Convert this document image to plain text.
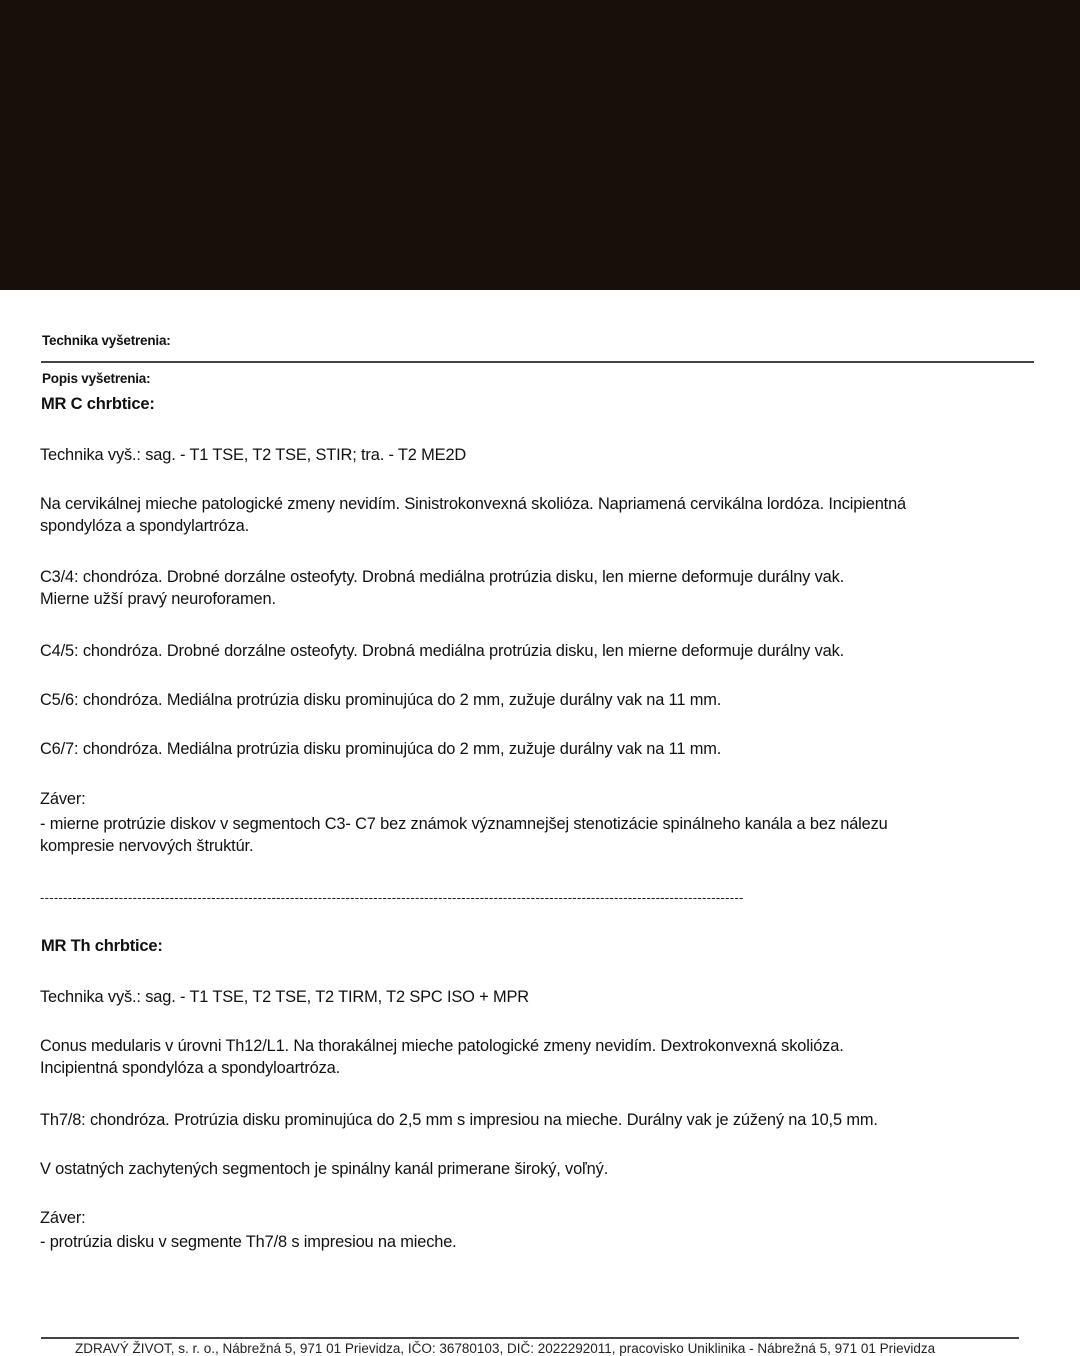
Technika vyšetrenia:
Popis vyšetrenia:
MR C chrbtice:
Technika vyš.: sag. - T1 TSE, T2 TSE, STIR; tra. - T2 ME2D
Na cervikálnej mieche patologické zmeny nevidím. Sinistrokonvexná skolióza. Napriamená cervikálna lordóza. Incipientná
spondylóza a spondylartróza.
C3/4: chondróza. Drobné dorzálne osteofyty. Drobná mediálna protrúzia disku, len mierne deformuje durálny vak.
Mierne užší pravý neuroforamen.
C4/5: chondróza. Drobné dorzálne osteofyty. Drobná mediálna protrúzia disku, len mierne deformuje durálny vak.
C5/6: chondróza. Mediálna protrúzia disku prominujúca do 2 mm, zužuje durálny vak na 11 mm.
C6/7: chondróza. Mediálna protrúzia disku prominujúca do 2 mm, zužuje durálny vak na 11 mm.
Záver:
- mierne protrúzie diskov v segmentoch C3- C7 bez známok významnejšej stenotizácie spinálneho kanála a bez nálezu
kompresie nervových štruktúr.
--------------------------------------------------------------------------------------------------------------------------------------------------------
MR Th chrbtice:
Technika vyš.: sag. - T1 TSE, T2 TSE, T2 TIRM, T2 SPC ISO + MPR
Conus medularis v úrovni Th12/L1. Na thorakálnej mieche patologické zmeny nevidím. Dextrokonvexná skolióza.
Incipientná spondylóza a spondyloartróza.
Th7/8: chondróza. Protrúzia disku prominujúca do 2,5 mm s impresiou na mieche. Durálny vak je zúžený na 10,5 mm.
V ostatných zachytených segmentoch je spinálny kanál primerane široký, voľný.
Záver:
- protrúzia disku v segmente Th7/8 s impresiou na mieche.
ZDRAVÝ ŽIVOT, s. r. o., Nábrežná 5, 971 01 Prievidza, IČO: 36780103, DIČ: 2022292011, pracovisko Uniklinika - Nábrežná 5, 971 01 Prievidza
